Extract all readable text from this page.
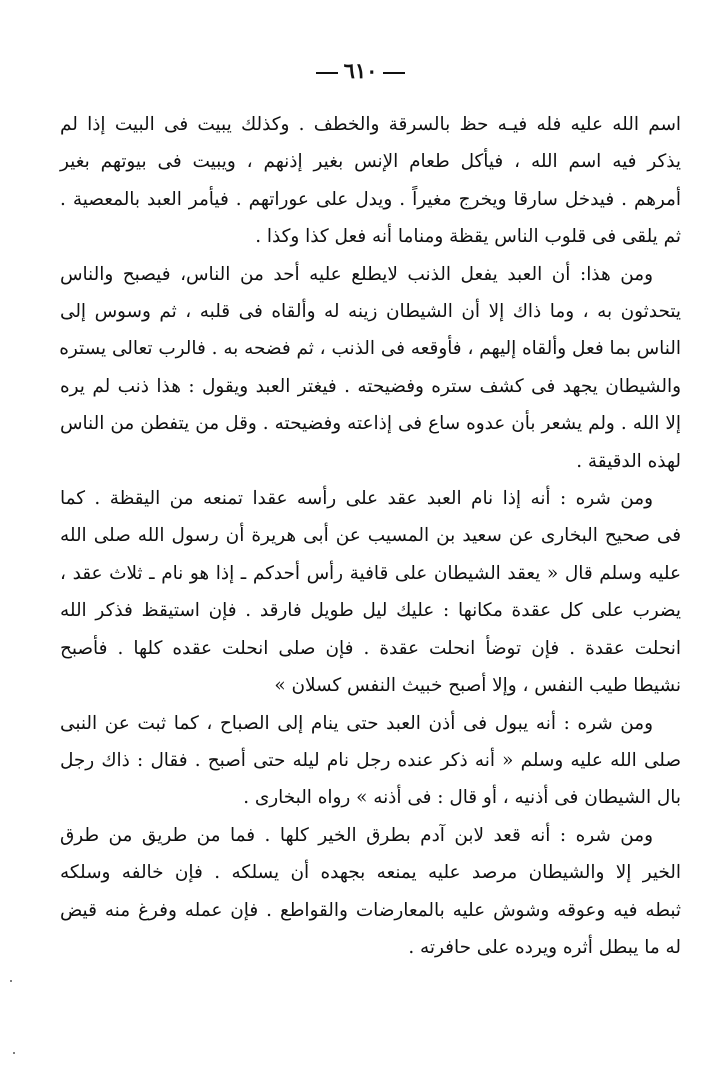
٦١٠
اسم الله عليه فله فيـه حظ بالسرقة والخطف . وكذلك يبيت فى البيت إذا لم
يذكر فيه اسم الله ، فيأكل طعام الإنس بغير إذنهم ، ويبيت فى بيوتهم بغير
أمرهم . فيدخل سارقا ويخرج مغيراً . ويدل على عوراتهم . فيأمر العبد بالمعصية .
ثم يلقى فى قلوب الناس يقظة ومناما أنه فعل كذا وكذا .
ومن هذا: أن العبد يفعل الذنب لايطلع عليه أحد من الناس، فيصبح والناس
يتحدثون به ، وما ذاك إلا أن الشيطان زينه له وألقاه فى قلبه ، ثم وسوس إلى
الناس بما فعل وألقاه إليهم ، فأوقعه فى الذنب ، ثم فضحه به . فالرب تعالى يستره
والشيطان يجهد فى كشف ستره وفضيحته . فيغتر العبد ويقول : هذا ذنب لم يره
إلا الله . ولم يشعر بأن عدوه ساع فى إذاعته وفضيحته . وقل من يتفطن من الناس
لهذه الدقيقة .
ومن شره : أنه إذا نام العبد عقد على رأسه عقدا تمنعه من اليقظة . كما
فى صحيح البخارى عن سعيد بن المسيب عن أبى هريرة أن رسول الله صلى الله
عليه وسلم قال « يعقد الشيطان على قافية رأس أحدكم ـ إذا هو نام ـ ثلاث عقد ،
يضرب على كل عقدة مكانها : عليك ليل طويل فارقد . فإن استيقظ فذكر الله
انحلت عقدة . فإن توضأ انحلت عقدة . فإن صلى انحلت عقده كلها . فأصبح
نشيطا طيب النفس ، وإلا أصبح خبيث النفس كسلان »
ومن شره : أنه يبول فى أذن العبد حتى ينام إلى الصباح ، كما ثبت عن النبى
صلى الله عليه وسلم « أنه ذكر عنده رجل نام ليله حتى أصبح . فقال : ذاك رجل
بال الشيطان فى أذنيه ، أو قال : فى أذنه » رواه البخارى .
ومن شره : أنه قعد لابن آدم بطرق الخير كلها . فما من طريق من طرق
الخير إلا والشيطان مرصد عليه يمنعه بجهده أن يسلكه . فإن خالفه وسلكه
ثبطه فيه وعوقه وشوش عليه بالمعارضات والقواطع . فإن عمله وفرغ منه قيض
له ما يبطل أثره ويرده على حافرته .
